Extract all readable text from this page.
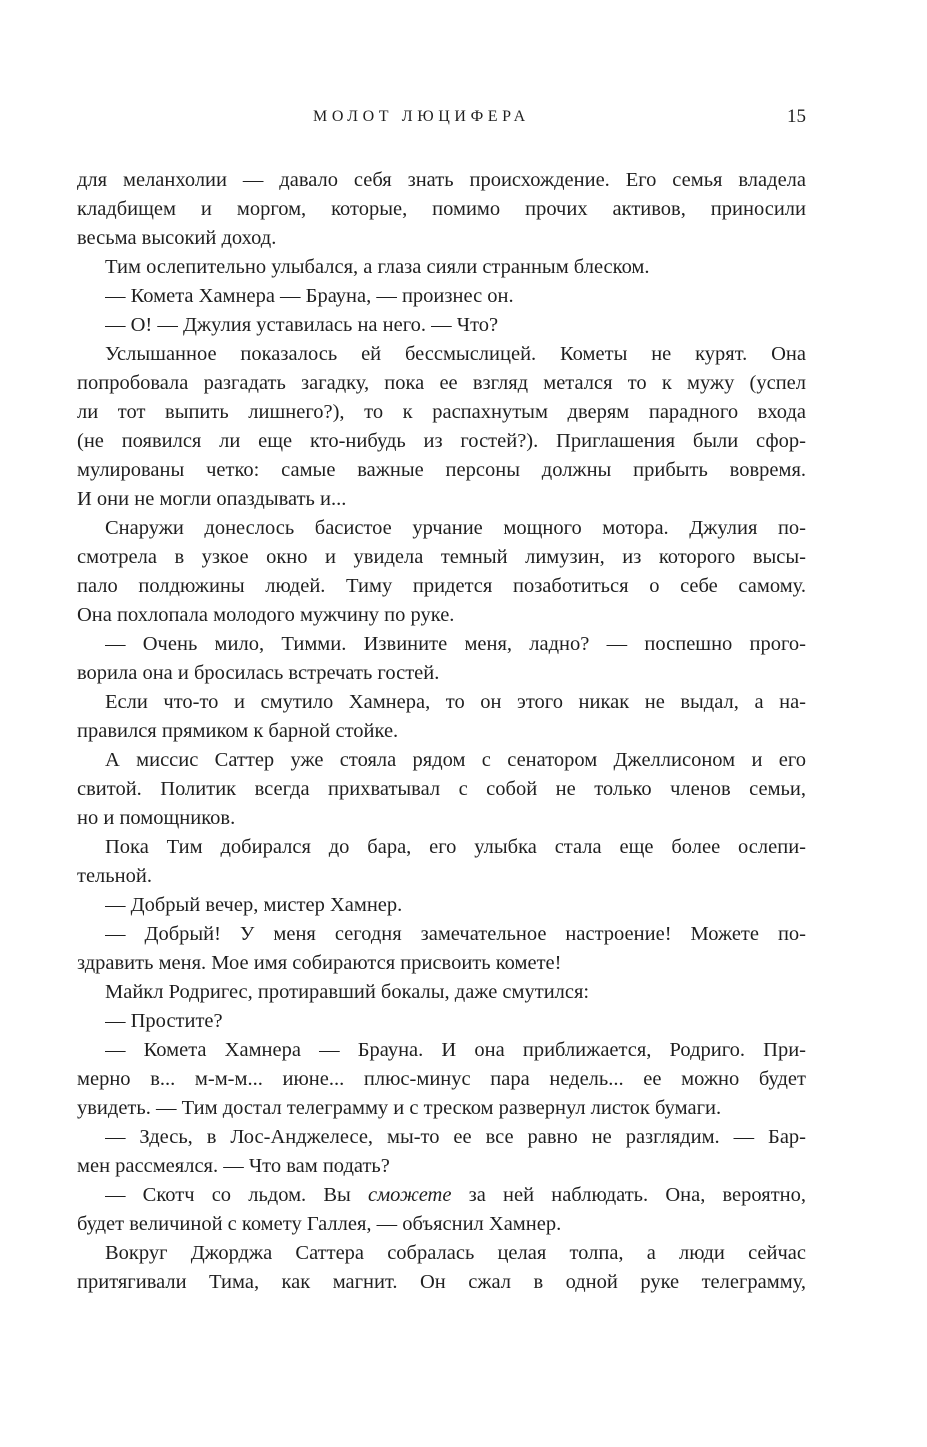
МОЛОТ ЛЮЦИФЕРА	15
для меланхолии — давало себя знать происхождение. Его семья владела
кладбищем и моргом, которые, помимо прочих активов, приносили
весьма высокий доход.
Тим ослепительно улыбался, а глаза сияли странным блеском.
— Комета Хамнера — Брауна, — произнес он.
— О! — Джулия уставилась на него. — Что?
Услышанное показалось ей бессмыслицей. Кометы не курят. Она
попробовала разгадать загадку, пока ее взгляд метался то к мужу (успел
ли тот выпить лишнего?), то к распахнутым дверям парадного входа
(не появился ли еще кто-нибудь из гостей?). Приглашения были сфор-
мулированы четко: самые важные персоны должны прибыть вовремя.
И они не могли опаздывать и...
Снаружи донеслось басистое урчание мощного мотора. Джулия по-
смотрела в узкое окно и увидела темный лимузин, из которого высы-
пало полдюжины людей. Тиму придется позаботиться о себе самому.
Она похлопала молодого мужчину по руке.
— Очень мило, Тимми. Извините меня, ладно? — поспешно прого-
ворила она и бросилась встречать гостей.
Если что-то и смутило Хамнера, то он этого никак не выдал, а на-
правился прямиком к барной стойке.
А миссис Саттер уже стояла рядом с сенатором Джеллисоном и его
свитой. Политик всегда прихватывал с собой не только членов семьи,
но и помощников.
Пока Тим добирался до бара, его улыбка стала еще более ослепи-
тельной.
— Добрый вечер, мистер Хамнер.
— Добрый! У меня сегодня замечательное настроение! Можете по-
здравить меня. Мое имя собираются присвоить комете!
Майкл Родригес, протиравший бокалы, даже смутился:
— Простите?
— Комета Хамнера — Брауна. И она приближается, Родриго. При-
мерно в... м-м-м... июне... плюс-минус пара недель... ее можно будет
увидеть. — Тим достал телеграмму и с треском развернул листок бумаги.
— Здесь, в Лос-Анджелесе, мы-то ее все равно не разглядим. — Бар-
мен рассмеялся. — Что вам подать?
— Скотч со льдом. Вы сможете за ней наблюдать. Она, вероятно,
будет величиной с комету Галлея, — объяснил Хамнер.
Вокруг Джорджа Саттера собралась целая толпа, а люди сейчас
притягивали Тима, как магнит. Он сжал в одной руке телеграмму,
